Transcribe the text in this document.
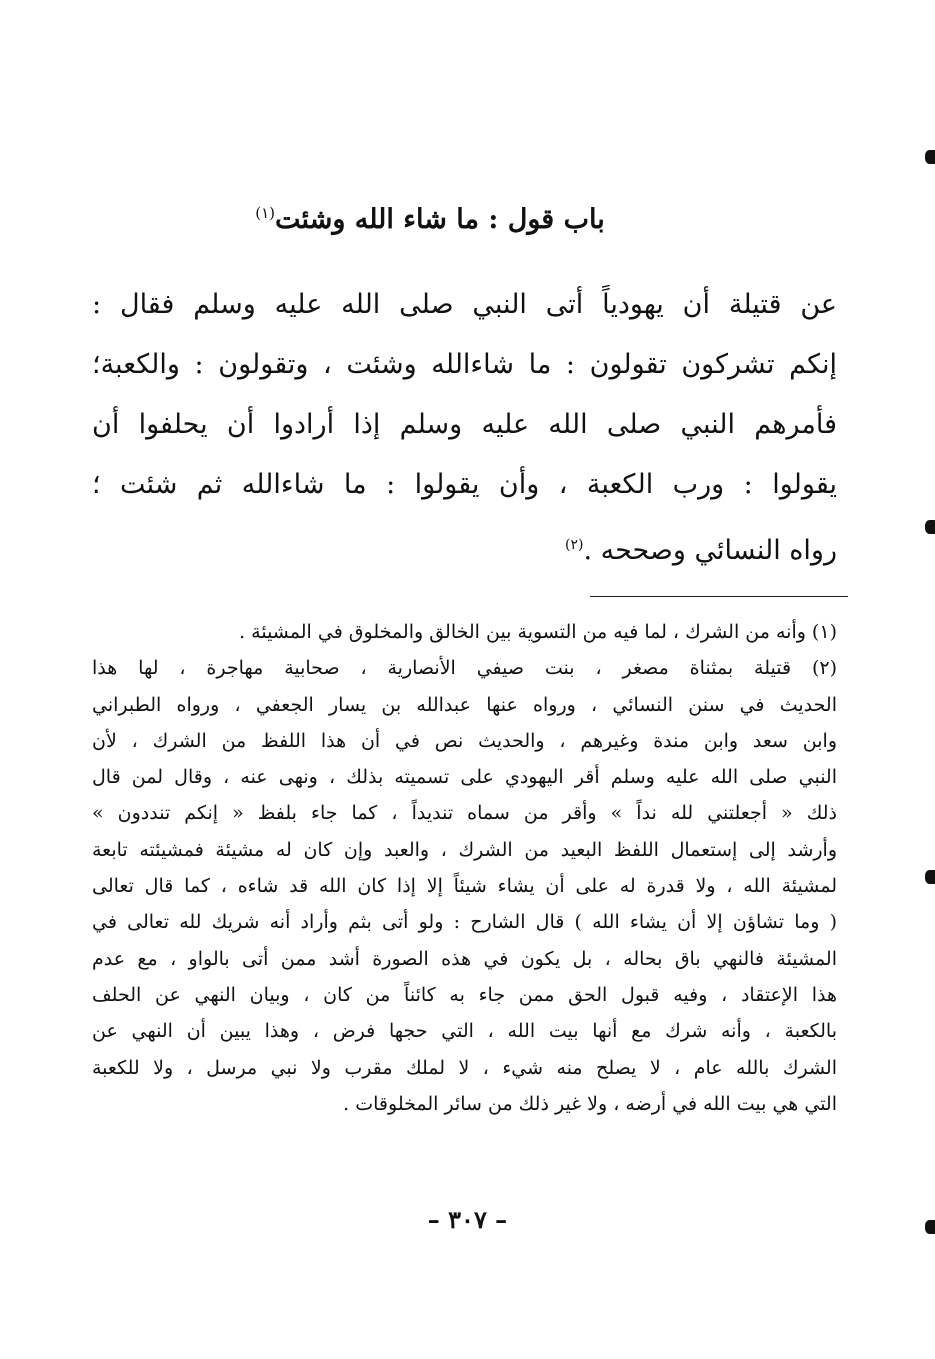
باب قول : ما شاء الله وشئت$^{(١)}$
عن قتيلة أن يهودياً أتى النبي صلى الله عليه وسلم فقال :
إنكم تشركون تقولون : ما شاءالله وشئت ، وتقولون : والكعبة؛
فأمرهم النبي صلى الله عليه وسلم إذا أرادوا أن يحلفوا أن
يقولوا : ورب الكعبة ، وأن يقولوا : ما شاءالله ثم شئت ؛
رواه النسائي وصححه .$^{(٢)}$
(١) وأنه من الشرك ، لما فيه من التسوية بين الخالق والمخلوق في المشيئة .
(٢) قتيلة بمثناة مصغر ، بنت صيفي الأنصارية ، صحابية مهاجرة ، لها هذا
الحديث في سنن النسائي ، ورواه عنها عبدالله بن يسار الجعفي ، ورواه الطبراني
وابن سعد وابن مندة وغيرهم ، والحديث نص في أن هذا اللفظ من الشرك ، لأن
النبي صلى الله عليه وسلم أقر اليهودي على تسميته بذلك ، ونهى عنه ، وقال لمن قال
ذلك « أجعلتني لله نداً » وأقر من سماه تنديداً ، كما جاء بلفظ « إنكم تنددون »
وأرشد إلى إستعمال اللفظ البعيد من الشرك ، والعبد وإن كان له مشيئة فمشيئته تابعة
لمشيئة الله ، ولا قدرة له على أن يشاء شيئاً إلا إذا كان الله قد شاءه ، كما قال تعالى
( وما تشاؤن إلا أن يشاء الله ) قال الشارح : ولو أتى بثم وأراد أنه شريك لله تعالى في
المشيئة فالنهي باق بحاله ، بل يكون في هذه الصورة أشد ممن أتى بالواو ، مع عدم
هذا الإعتقاد ، وفيه قبول الحق ممن جاء به كائناً من كان ، وبيان النهي عن الحلف
بالكعبة ، وأنه شرك مع أنها بيت الله ، التي حجها فرض ، وهذا يبين أن النهي عن
الشرك بالله عام ، لا يصلح منه شيء ، لا لملك مقرب ولا نبي مرسل ، ولا للكعبة
التي هي بيت الله في أرضه ، ولا غير ذلك من سائر المخلوقات .
– ٣٠٧ –
